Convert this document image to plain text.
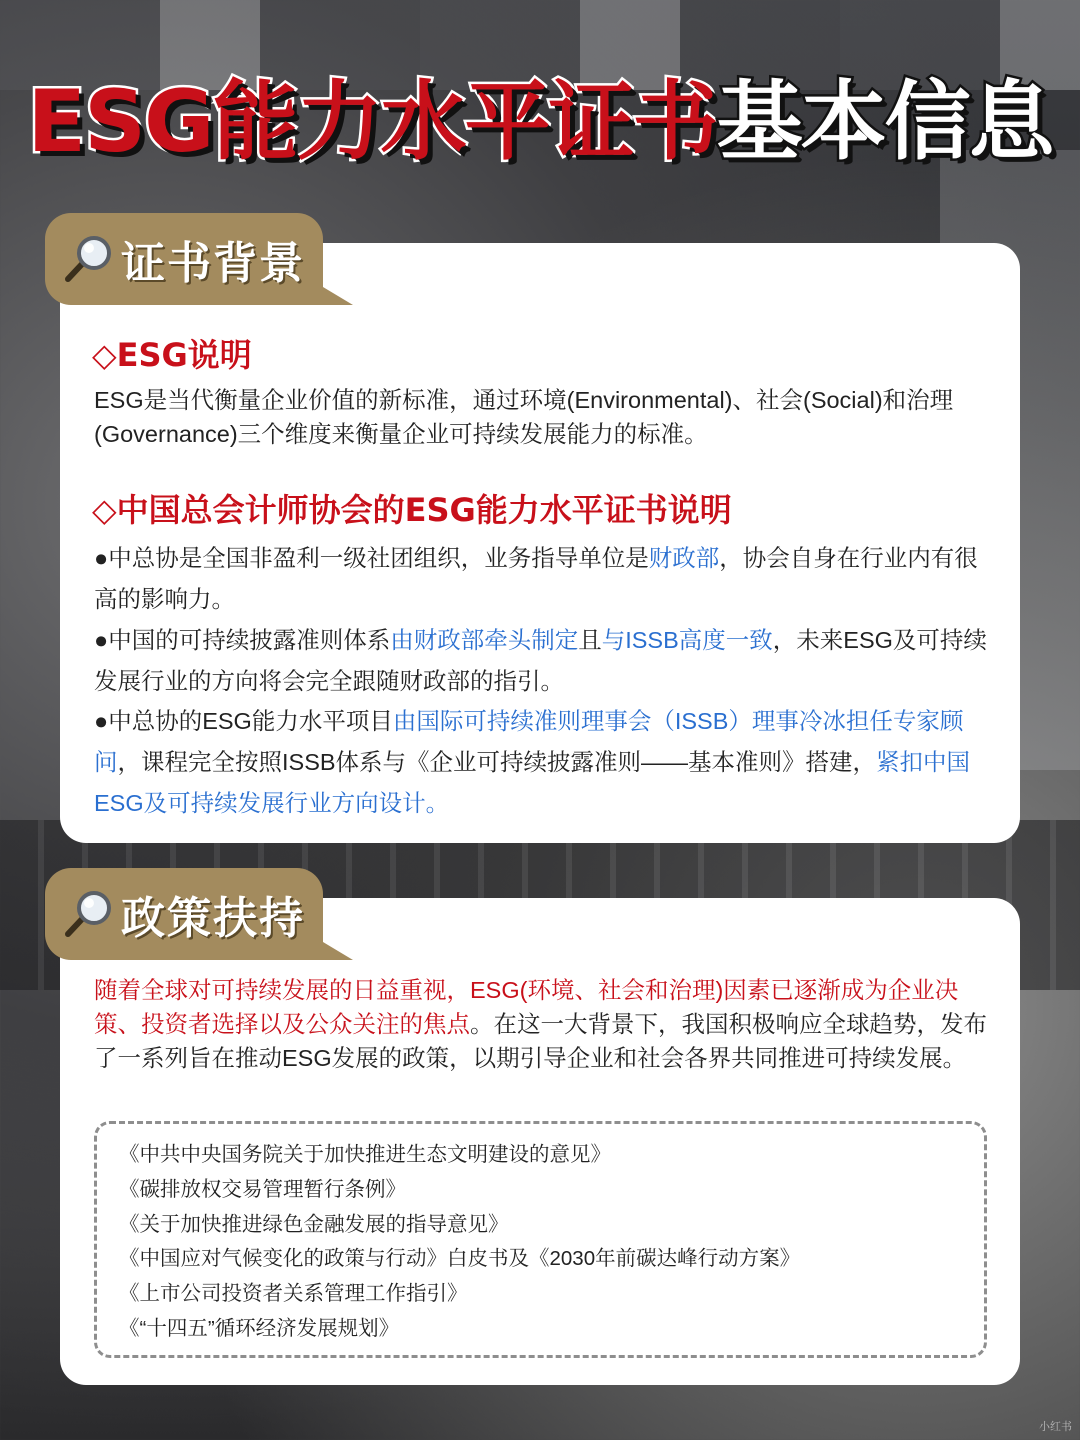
ESG能力水平证书基本信息
证书背景
◇ESG说明

ESG是当代衡量企业价值的新标准，通过环境(Environmental)、社会(Social)和治理(Governance)三个维度来衡量企业可持续发展能力的标准。

◇中国总会计师协会的ESG能力水平证书说明

●中总协是全国非盈利一级社团组织，业务指导单位是财政部，协会自身在行业内有很高的影响力。

●中国的可持续披露准则体系由财政部牵头制定且与ISSB高度一致，未来ESG及可持续发展行业的方向将会完全跟随财政部的指引。

●中总协的ESG能力水平项目由国际可持续准则理事会（ISSB）理事冷冰担任专家顾问，课程完全按照ISSB体系与《企业可持续披露准则——基本准则》搭建，紧扣中国ESG及可持续发展行业方向设计。

政策扶持

随着全球对可持续发展的日益重视，ESG(环境、社会和治理)因素已逐渐成为企业决策、投资者选择以及公众关注的焦点。在这一大背景下，我国积极响应全球趋势，发布了一系列旨在推动ESG发展的政策，以期引导企业和社会各界共同推进可持续发展。

《中共中央国务院关于加快推进生态文明建设的意见》
《碳排放权交易管理暂行条例》
《关于加快推进绿色金融发展的指导意见》
《中国应对气候变化的政策与行动》白皮书及《2030年前碳达峰行动方案》
《上市公司投资者关系管理工作指引》
《“十四五”循环经济发展规划》
小红书
